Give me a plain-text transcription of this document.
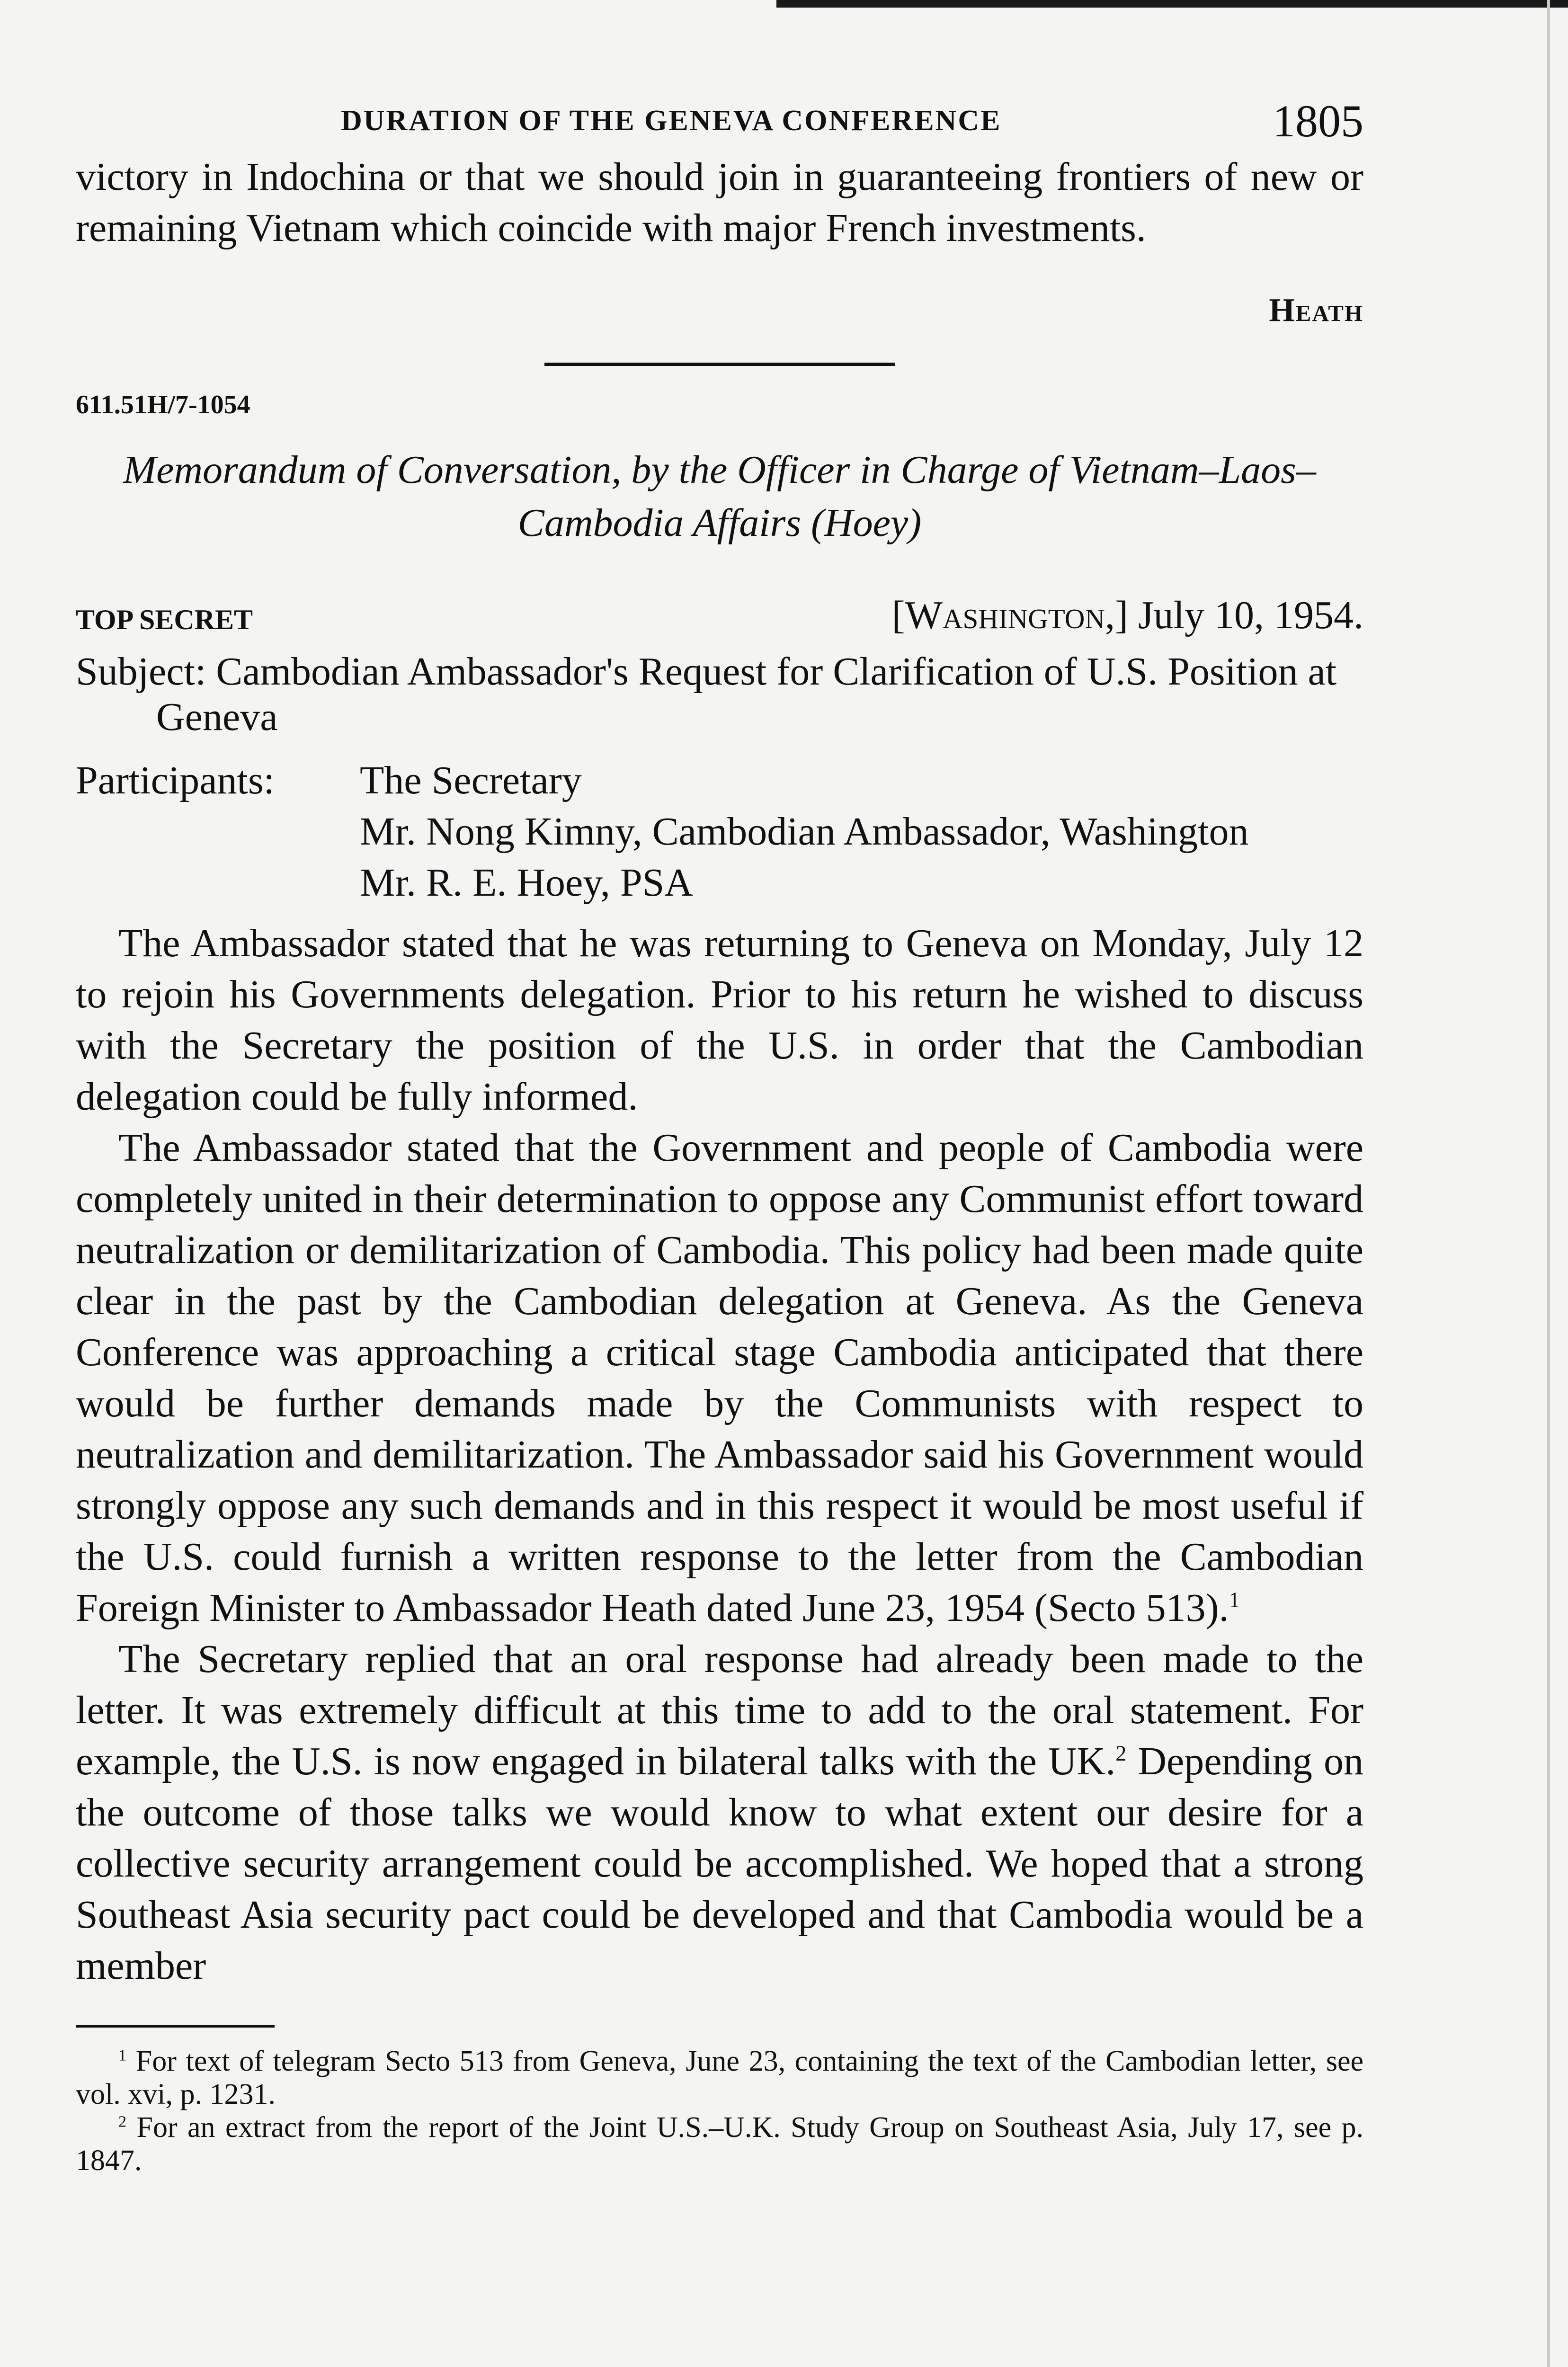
DURATION OF THE GENEVA CONFERENCE	1805

victory in Indochina or that we should join in guaranteeing frontiers of new or remaining Vietnam which coincide with major French investments.

Heath
611.51H/7-1054
Memorandum of Conversation, by the Officer in Charge of Vietnam–Laos–Cambodia Affairs (Hoey)
TOP SECRET	[Washington,] July 10, 1954.
Subject: Cambodian Ambassador's Request for Clarification of U.S. Position at Geneva
Participants:	The Secretary
Mr. Nong Kimny, Cambodian Ambassador, Washington
Mr. R. E. Hoey, PSA

The Ambassador stated that he was returning to Geneva on Monday, July 12 to rejoin his Governments delegation. Prior to his return he wished to discuss with the Secretary the position of the U.S. in order that the Cambodian delegation could be fully informed.

The Ambassador stated that the Government and people of Cambodia were completely united in their determination to oppose any Communist effort toward neutralization or demilitarization of Cambodia. This policy had been made quite clear in the past by the Cambodian delegation at Geneva. As the Geneva Conference was approaching a critical stage Cambodia anticipated that there would be further demands made by the Communists with respect to neutralization and demilitarization. The Ambassador said his Government would strongly oppose any such demands and in this respect it would be most useful if the U.S. could furnish a written response to the letter from the Cambodian Foreign Minister to Ambassador Heath dated June 23, 1954 (Secto 513).$^1$

The Secretary replied that an oral response had already been made to the letter. It was extremely difficult at this time to add to the oral statement. For example, the U.S. is now engaged in bilateral talks with the UK.$^2$ Depending on the outcome of those talks we would know to what extent our desire for a collective security arrangement could be accomplished. We hoped that a strong Southeast Asia security pact could be developed and that Cambodia would be a member

$^1$ For text of telegram Secto 513 from Geneva, June 23, containing the text of the Cambodian letter, see vol. xvi, p. 1231.

$^2$ For an extract from the report of the Joint U.S.–U.K. Study Group on Southeast Asia, July 17, see p. 1847.
